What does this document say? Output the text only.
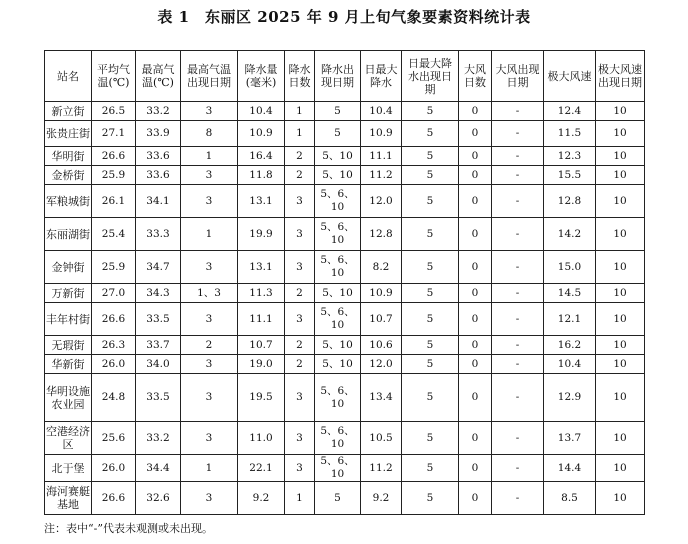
表 1　东丽区 2025 年 9 月上旬气象要素资料统计表
站名	平均气温(℃)	最高气温(℃)	最高气温出现日期	降水量(毫米)	降水日数	降水出现日期	日最大降水	日最大降水出现日期	大风日数	大风出现日期	极大风速	极大风速出现日期
新立街	26.5	33.2	3	10.4	1	5	10.4	5	0	-	12.4	10
张贵庄街	27.1	33.9	8	10.9	1	5	10.9	5	0	-	11.5	10
华明街	26.6	33.6	1	16.4	2	5、10	11.1	5	0	-	12.3	10
金桥街	25.9	33.6	3	11.8	2	5、10	11.2	5	0	-	15.5	10
军粮城街	26.1	34.1	3	13.1	3	5、6、10	12.0	5	0	-	12.8	10
东丽湖街	25.4	33.3	1	19.9	3	5、6、10	12.8	5	0	-	14.2	10
金钟街	25.9	34.7	3	13.1	3	5、6、10	8.2	5	0	-	15.0	10
万新街	27.0	34.3	1、3	11.3	2	5、10	10.9	5	0	-	14.5	10
丰年村街	26.6	33.5	3	11.1	3	5、6、10	10.7	5	0	-	12.1	10
无瑕街	26.3	33.7	2	10.7	2	5、10	10.6	5	0	-	16.2	10
华新街	26.0	34.0	3	19.0	2	5、10	12.0	5	0	-	10.4	10
华明设施农业园	24.8	33.5	3	19.5	3	5、6、10	13.4	5	0	-	12.9	10
空港经济区	25.6	33.2	3	11.0	3	5、6、10	10.5	5	0	-	13.7	10
北于堡	26.0	34.4	1	22.1	3	5、6、10	11.2	5	0	-	14.4	10
海河赛艇基地	26.6	32.6	3	9.2	1	5	9.2	5	0	-	8.5	10
注：表中“-”代表未观测或未出现。
